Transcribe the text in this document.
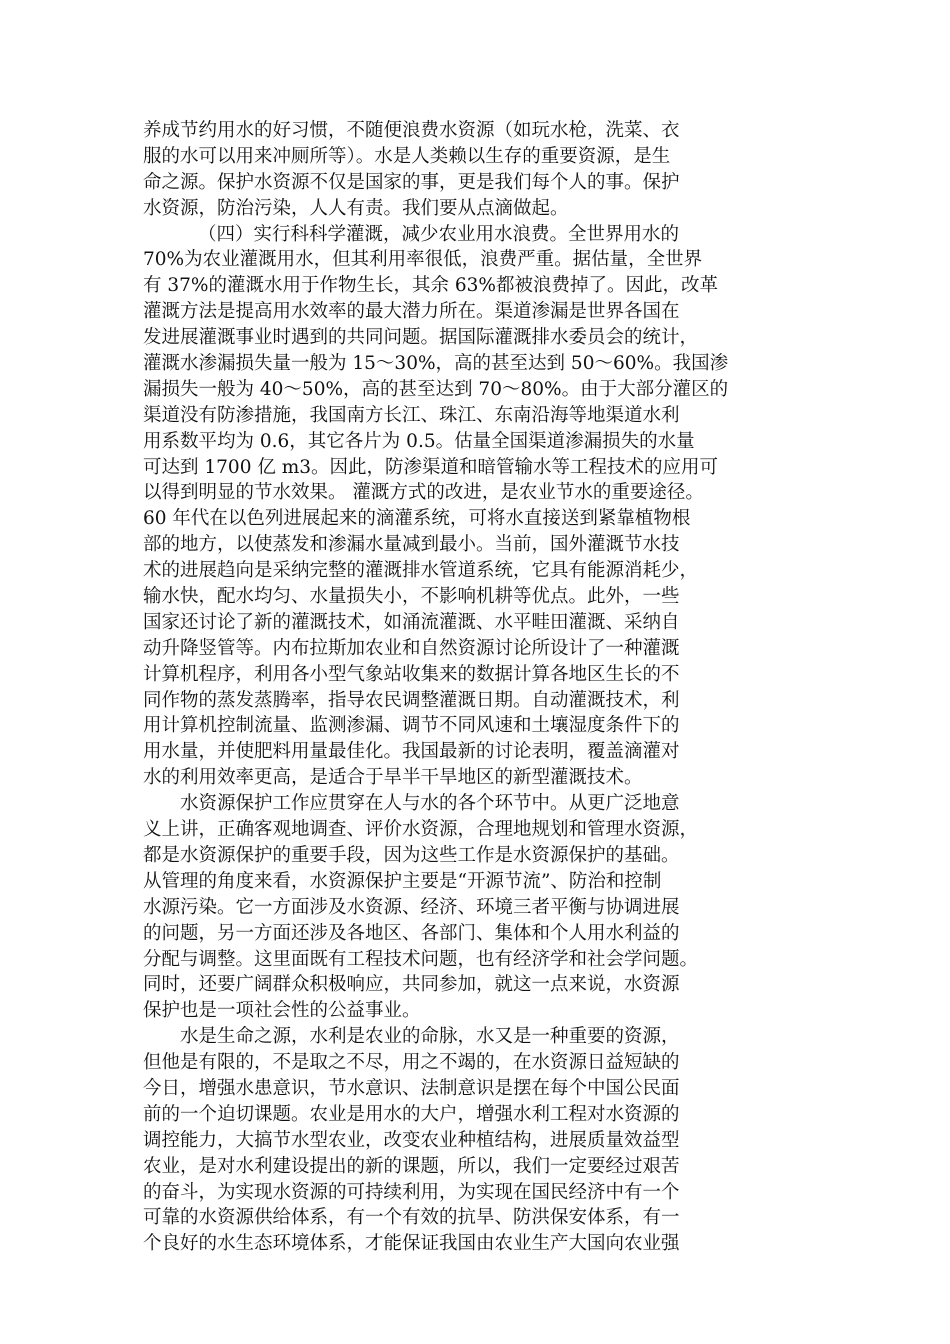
养成节约用水的好习惯，不随便浪费水资源（如玩水枪，洗菜、衣
服的水可以用来冲厕所等）。水是人类赖以生存的重要资源，是生
命之源。保护水资源不仅是国家的事，更是我们每个人的事。保护
水资源，防治污染，人人有责。我们要从点滴做起。
（四）实行科科学灌溉，减少农业用水浪费。全世界用水的
70%为农业灌溉用水，但其利用率很低，浪费严重。据估量，全世界
有 37%的灌溉水用于作物生长，其余 63%都被浪费掉了。因此，改革
灌溉方法是提高用水效率的最大潜力所在。渠道渗漏是世界各国在
发进展灌溉事业时遇到的共同问题。据国际灌溉排水委员会的统计，
灌溉水渗漏损失量一般为 15～30%，高的甚至达到 50～60%。我国渗
漏损失一般为 40～50%，高的甚至达到 70～80%。由于大部分灌区的
渠道没有防渗措施，我国南方长江、珠江、东南沿海等地渠道水利
用系数平均为 0.6，其它各片为 0.5。估量全国渠道渗漏损失的水量
可达到 1700 亿 m3。因此，防渗渠道和暗管输水等工程技术的应用可
以得到明显的节水效果。 灌溉方式的改进，是农业节水的重要途径。
60 年代在以色列进展起来的滴灌系统，可将水直接送到紧靠植物根
部的地方，以使蒸发和渗漏水量减到最小。当前，国外灌溉节水技
术的进展趋向是采纳完整的灌溉排水管道系统，它具有能源消耗少，
输水快，配水均匀、水量损失小，不影响机耕等优点。此外，一些
国家还讨论了新的灌溉技术，如涌流灌溉、水平畦田灌溉、采纳自
动升降竖管等。内布拉斯加农业和自然资源讨论所设计了一种灌溉
计算机程序，利用各小型气象站收集来的数据计算各地区生长的不
同作物的蒸发蒸腾率，指导农民调整灌溉日期。自动灌溉技术，利
用计算机控制流量、监测渗漏、调节不同风速和土壤湿度条件下的
用水量，并使肥料用量最佳化。我国最新的讨论表明，覆盖滴灌对
水的利用效率更高，是适合于旱半干旱地区的新型灌溉技术。
水资源保护工作应贯穿在人与水的各个环节中。从更广泛地意
义上讲，正确客观地调查、评价水资源，合理地规划和管理水资源，
都是水资源保护的重要手段，因为这些工作是水资源保护的基础。
从管理的角度来看，水资源保护主要是“开源节流”、防治和控制
水源污染。它一方面涉及水资源、经济、环境三者平衡与协调进展
的问题，另一方面还涉及各地区、各部门、集体和个人用水利益的
分配与调整。这里面既有工程技术问题，也有经济学和社会学问题。
同时，还要广阔群众积极响应，共同参加，就这一点来说，水资源
保护也是一项社会性的公益事业。
水是生命之源，水利是农业的命脉，水又是一种重要的资源，
但他是有限的，不是取之不尽，用之不竭的，在水资源日益短缺的
今日，增强水患意识，节水意识、法制意识是摆在每个中国公民面
前的一个迫切课题。农业是用水的大户，增强水利工程对水资源的
调控能力，大搞节水型农业，改变农业种植结构，进展质量效益型
农业，是对水利建设提出的新的课题，所以，我们一定要经过艰苦
的奋斗，为实现水资源的可持续利用，为实现在国民经济中有一个
可靠的水资源供给体系，有一个有效的抗旱、防洪保安体系，有一
个良好的水生态环境体系，才能保证我国由农业生产大国向农业强
